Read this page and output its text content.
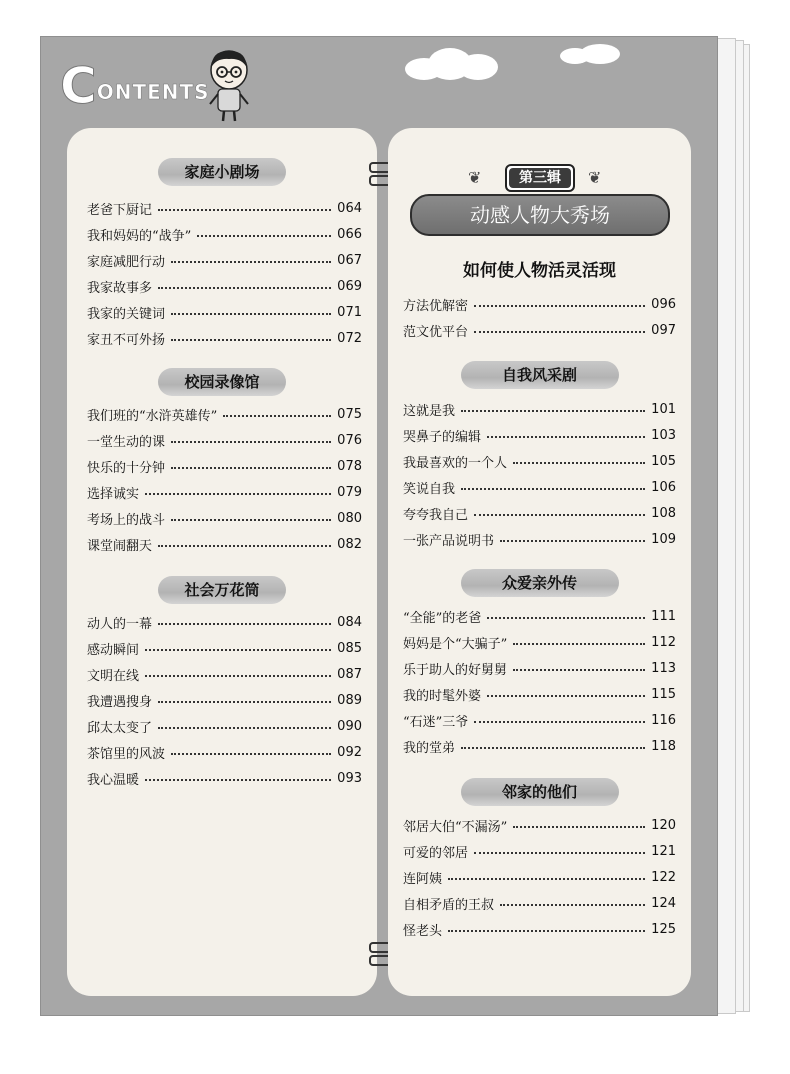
CONTENTS
家庭小剧场
老爸下厨记	064
我和妈妈的“战争”	066
家庭减肥行动	067
我家故事多	069
我家的关键词	071
家丑不可外扬	072
校园录像馆
我们班的“水浒英雄传”	075
一堂生动的课	076
快乐的十分钟	078
选择诚实	079
考场上的战斗	080
课堂闹翻天	082
社会万花筒
动人的一幕	084
感动瞬间	085
文明在线	087
我遭遇搜身	089
邱太太变了	090
茶馆里的风波	092
我心温暖	093
❦	第三辑	❦
动感人物大秀场
如何使人物活灵活现
方法优解密	096
范文优平台	097
自我风采剧
这就是我	101
哭鼻子的编辑	103
我最喜欢的一个人	105
笑说自我	106
夸夸我自己	108
一张产品说明书	109
众爱亲外传
“全能”的老爸	111
妈妈是个“大骗子”	112
乐于助人的好舅舅	113
我的时髦外婆	115
“石迷”三爷	116
我的堂弟	118
邻家的他们
邻居大伯“不漏汤”	120
可爱的邻居	121
连阿姨	122
自相矛盾的王叔	124
怪老头	125
